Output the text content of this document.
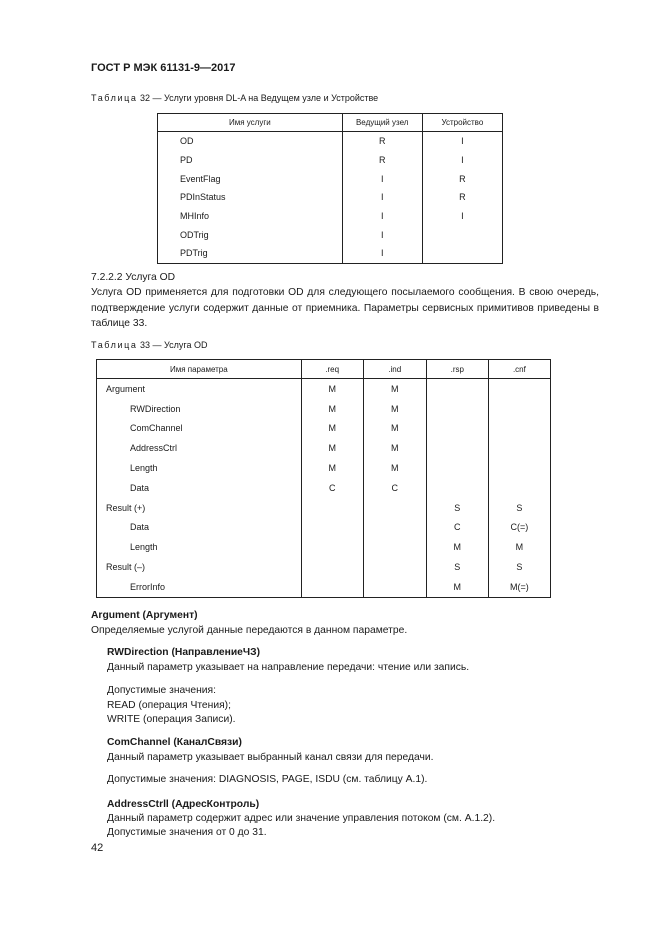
ГОСТ Р МЭК 61131-9—2017
Таблица 32 — Услуги уровня DL-A на Ведущем узле и Устройстве
Имя услуги	Ведущий узел	Устройство
OD	R	I
PD	R	I
EventFlag	I	R
PDInStatus	I	R
MHInfo	I	I
ODTrig	I	
PDTrig	I	
7.2.2.2 Услуга OD
Услуга OD применяется для подготовки OD для следующего посылаемого сообщения. В свою очередь, подтверждение услуги содержит данные от приемника. Параметры сервисных примитивов приведены в таблице 33.
Таблица 33 — Услуга OD
Имя параметра	.req	.ind	.rsp	.cnf
Argument	M	M		
RWDirection	M	M		
ComChannel	M	M		
AddressCtrl	M	M		
Length	M	M		
Data	C	C		
Result (+)			S	S
Data			C	C(=)
Length			M	M
Result (–)			S	S
ErrorInfo			M	M(=)
Argument (Аргумент)
Определяемые услугой данные передаются в данном параметре.
RWDirection (НаправлениеЧЗ)
Данный параметр указывает на направление передачи: чтение или запись.
Допустимые значения:
READ (операция Чтения);
WRITE (операция Записи).
ComChannel (КаналСвязи)
Данный параметр указывает выбранный канал связи для передачи.
Допустимые значения: DIAGNOSIS, PAGE, ISDU (см. таблицу А.1).
AddressCtrll (АдресКонтроль)
Данный параметр содержит адрес или значение управления потоком (см. А.1.2).
Допустимые значения от 0 до 31.
42
